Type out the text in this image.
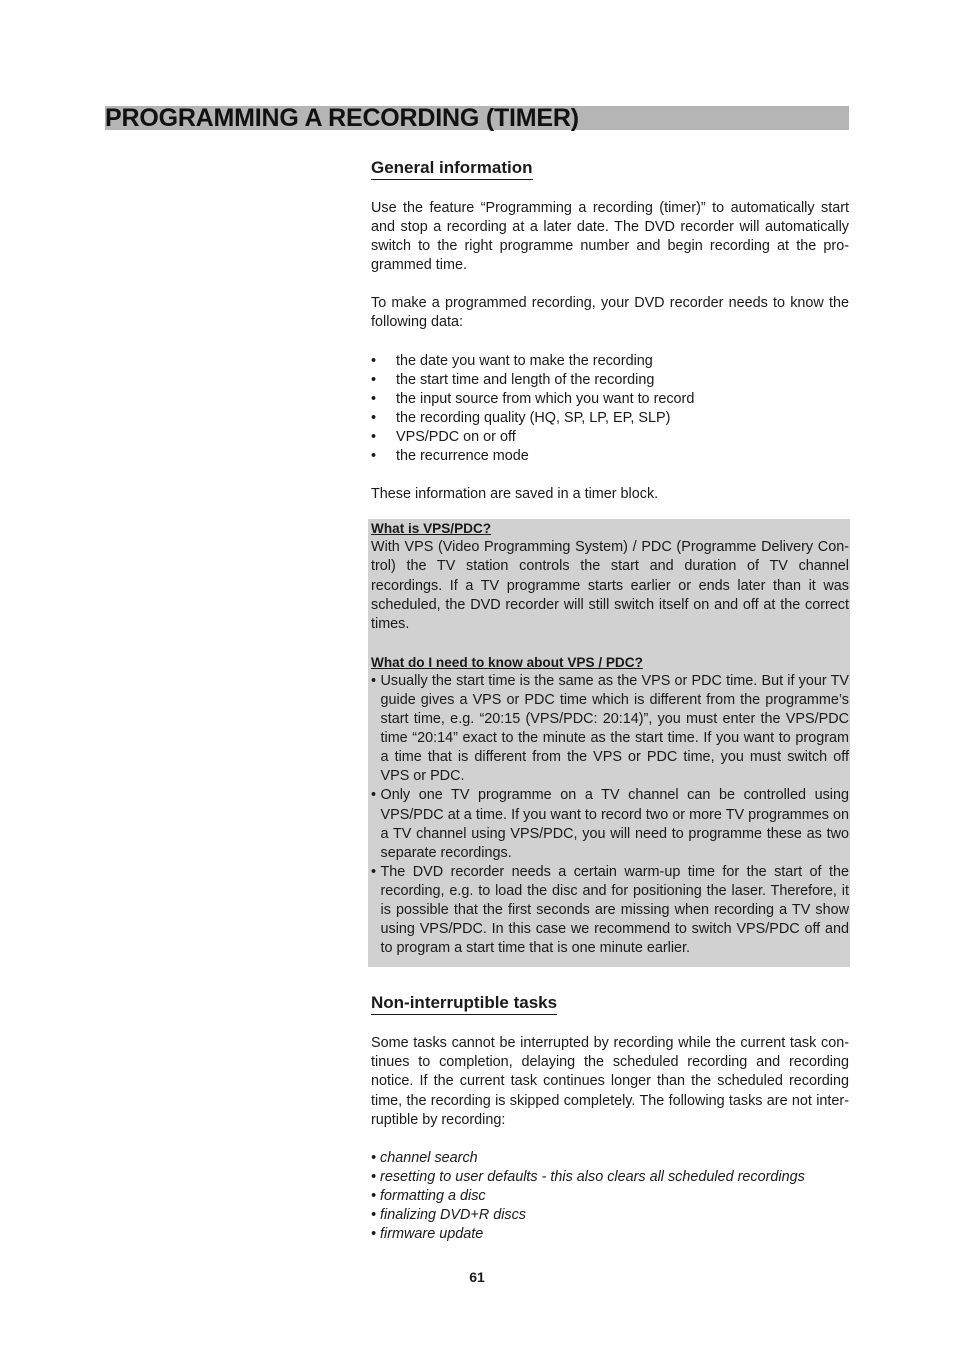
PROGRAMMING A RECORDING (TIMER)
General information

Use the feature “Programming a recording (timer)” to automatically start and stop a recording at a later date. The DVD recorder will automatically switch to the right programme number and begin recording at the pro-grammed time.

To make a programmed recording, your DVD recorder needs to know the following data:

• the date you want to make the recording
• the start time and length of the recording
• the input source from which you want to record
• the recording quality (HQ, SP, LP, EP, SLP)
• VPS/PDC on or off
• the recurrence mode

These information are saved in a timer block.

What is VPS/PDC?

With VPS (Video Programming System) / PDC (Programme Delivery Con-trol) the TV station controls the start and duration of TV channel recordings. If a TV programme starts earlier or ends later than it was scheduled, the DVD recorder will still switch itself on and off at the correct times.

What do I need to know about VPS / PDC?
• Usually the start time is the same as the VPS or PDC time. But if your TV guide gives a VPS or PDC time which is different from the programme’s start time, e.g. “20:15 (VPS/PDC: 20:14)”, you must enter the VPS/PDC time “20:14” exact to the minute as the start time. If you want to program a time that is different from the VPS or PDC time, you must switch off VPS or PDC.
• Only one TV programme on a TV channel can be controlled using VPS/PDC at a time. If you want to record two or more TV programmes on a TV channel using VPS/PDC, you will need to programme these as two separate recordings.
• The DVD recorder needs a certain warm-up time for the start of the recording, e.g. to load the disc and for positioning the laser. Therefore, it is possible that the first seconds are missing when recording a TV show using VPS/PDC. In this case we recommend to switch VPS/PDC off and to program a start time that is one minute earlier.
Non-interruptible tasks

Some tasks cannot be interrupted by recording while the current task con-tinues to completion, delaying the scheduled recording and recording notice. If the current task continues longer than the scheduled recording time, the recording is skipped completely. The following tasks are not inter-ruptible by recording:

• channel search
• resetting to user defaults - this also clears all scheduled recordings
• formatting a disc
• finalizing DVD+R discs
• firmware update
61
